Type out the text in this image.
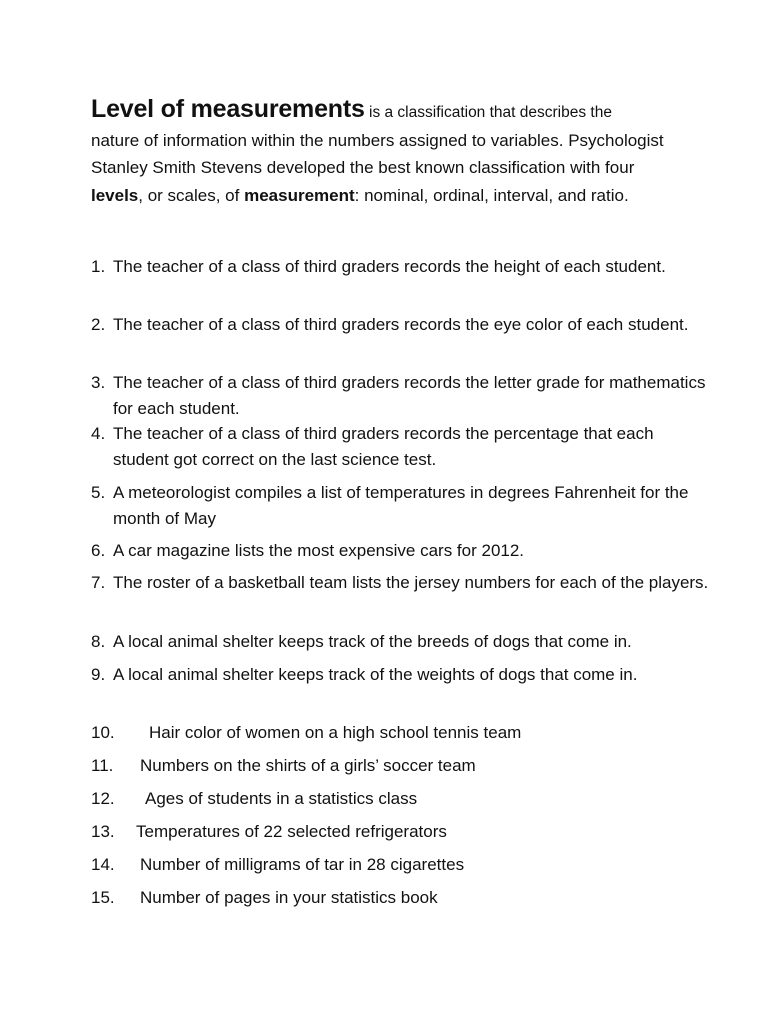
Level of measurements is a classification that describes the
nature of information within the numbers assigned to variables. Psychologist Stanley Smith Stevens developed the best known classification with four levels, or scales, of measurement: nominal, ordinal, interval, and ratio.

1. The teacher of a class of third graders records the height of each student.
2. The teacher of a class of third graders records the eye color of each student.
3. The teacher of a class of third graders records the letter grade for mathematics for each student.
4. The teacher of a class of third graders records the percentage that each student got correct on the last science test.
5. A meteorologist compiles a list of temperatures in degrees Fahrenheit for the month of May
6. A car magazine lists the most expensive cars for 2012.
7. The roster of a basketball team lists the jersey numbers for each of the players.
8. A local animal shelter keeps track of the breeds of dogs that come in.
9. A local animal shelter keeps track of the weights of dogs that come in.
10. Hair color of women on a high school tennis team
11. Numbers on the shirts of a girls’ soccer team
12. Ages of students in a statistics class
13. Temperatures of 22 selected refrigerators
14. Number of milligrams of tar in 28 cigarettes
15. Number of pages in your statistics book
